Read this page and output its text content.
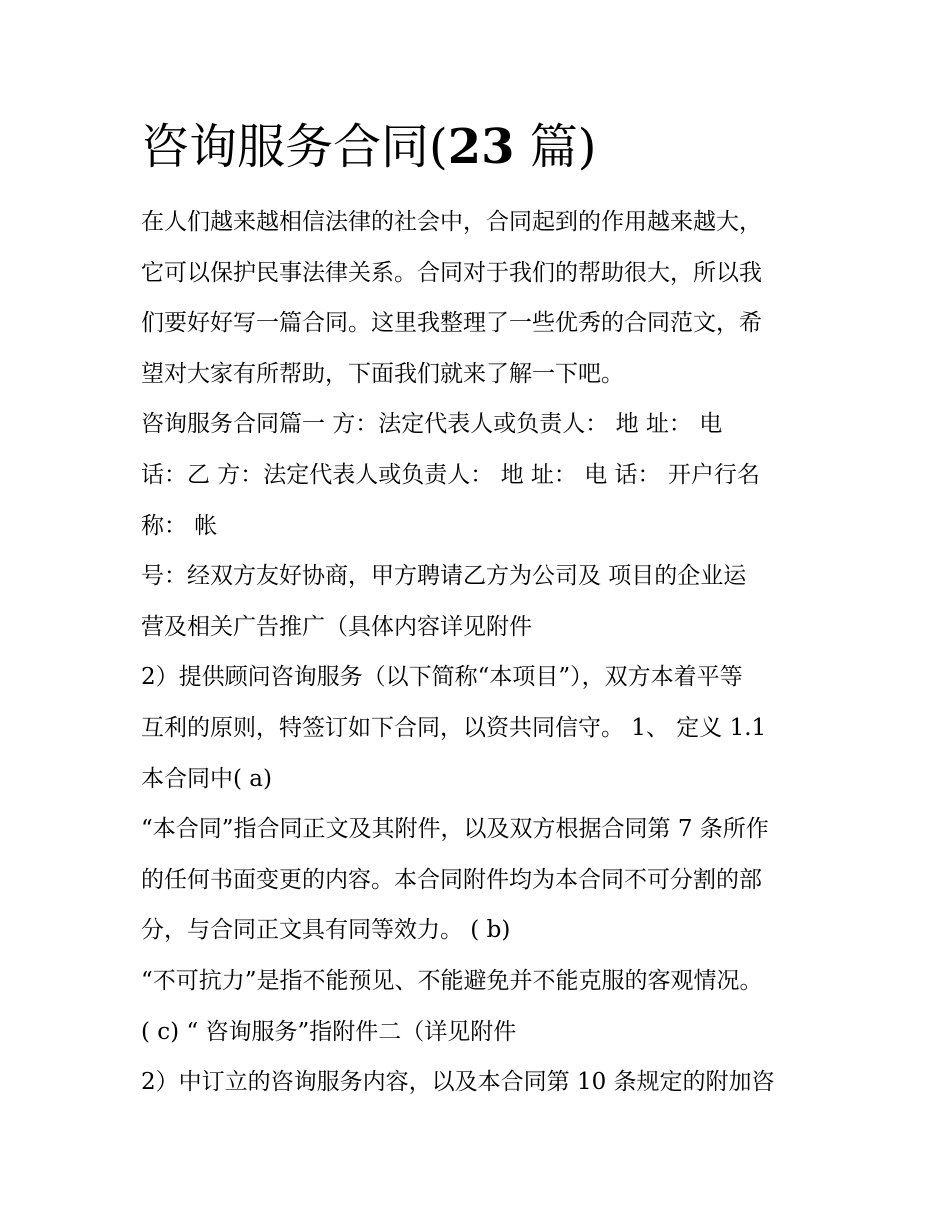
咨询服务合同(23 篇)
在人们越来越相信法律的社会中，合同起到的作用越来越大，
它可以保护民事法律关系。合同对于我们的帮助很大，所以我
们要好好写一篇合同。这里我整理了一些优秀的合同范文，希
望对大家有所帮助，下面我们就来了解一下吧。
咨询服务合同篇一 方：法定代表人或负责人： 地 址： 电
话：乙 方：法定代表人或负责人： 地 址： 电 话： 开户行名
称： 帐
号：经双方友好协商，甲方聘请乙方为公司及 项目的企业运
营及相关广告推广（具体内容详见附件
2）提供顾问咨询服务（以下简称“本项目”），双方本着平等
互利的原则，特签订如下合同，以资共同信守。 1、 定义 1.1
本合同中( a)
“本合同”指合同正文及其附件，以及双方根据合同第 7 条所作
的任何书面变更的内容。本合同附件均为本合同不可分割的部
分，与合同正文具有同等效力。 ( b)
“不可抗力”是指不能预见、不能避免并不能克服的客观情况。
( c) “ 咨询服务”指附件二（详见附件
2）中订立的咨询服务内容，以及本合同第 10 条规定的附加咨
